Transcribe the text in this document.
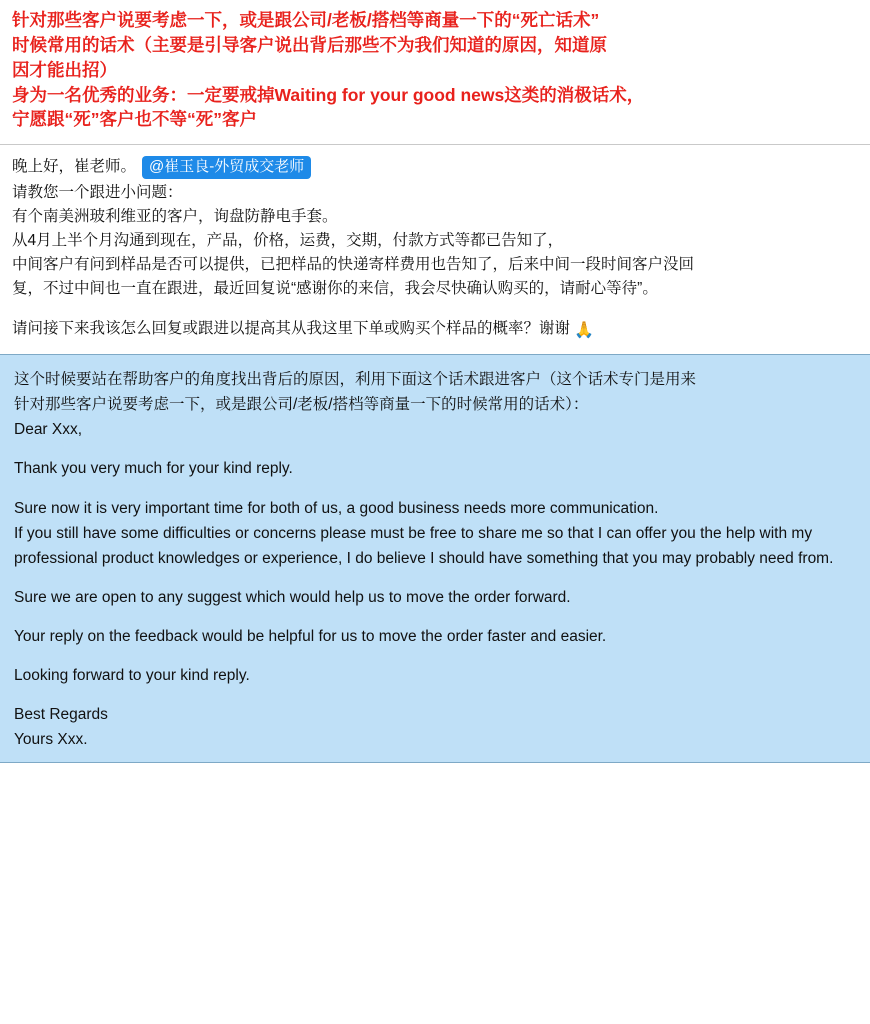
针对那些客户说要考虑一下，或是跟公司/老板/搭档等商量一下的“死亡话术”

时候常用的话术（主要是引导客户说出背后那些不为我们知道的原因，知道原

因才能出招）

身为一名优秀的业务：一定要戒掉Waiting for your good news这类的消极话术，

宁愿跟“死”客户也不等“死”客户

晚上好，崔老师。 @崔玉良-外贸成交老师

请教您一个跟进小问题：

有个南美洲玻利维亚的客户，询盘防静电手套。

从4月上半个月沟通到现在，产品，价格，运费，交期，付款方式等都已告知了，

中间客户有问到样品是否可以提供，已把样品的快递寄样费用也告知了，后来中间一段时间客户没回

复，不过中间也一直在跟进，最近回复说“感谢你的来信，我会尽快确认购买的，请耐心等待”。

请问接下来我该怎么回复或跟进以提高其从我这里下单或购买个样品的概率？谢谢 🙏

这个时候要站在帮助客户的角度找出背后的原因，利用下面这个话术跟进客户（这个话术专门是用来

针对那些客户说要考虑一下，或是跟公司/老板/搭档等商量一下的时候常用的话术）：

Dear Xxx,

Thank you very much for your kind reply.

Sure now it is very important time for both of us, a good business needs more communication.

If you still have some difficulties or concerns please must be free to share me so that I can offer you the help with my professional product knowledges or experience, I do believe I should have something that you may probably need from.

Sure we are open to any suggest which would help us to move the order forward.

Your reply on the feedback would be helpful for us to move the order faster and easier.

Looking forward to your kind reply.

Best Regards

Yours Xxx.
